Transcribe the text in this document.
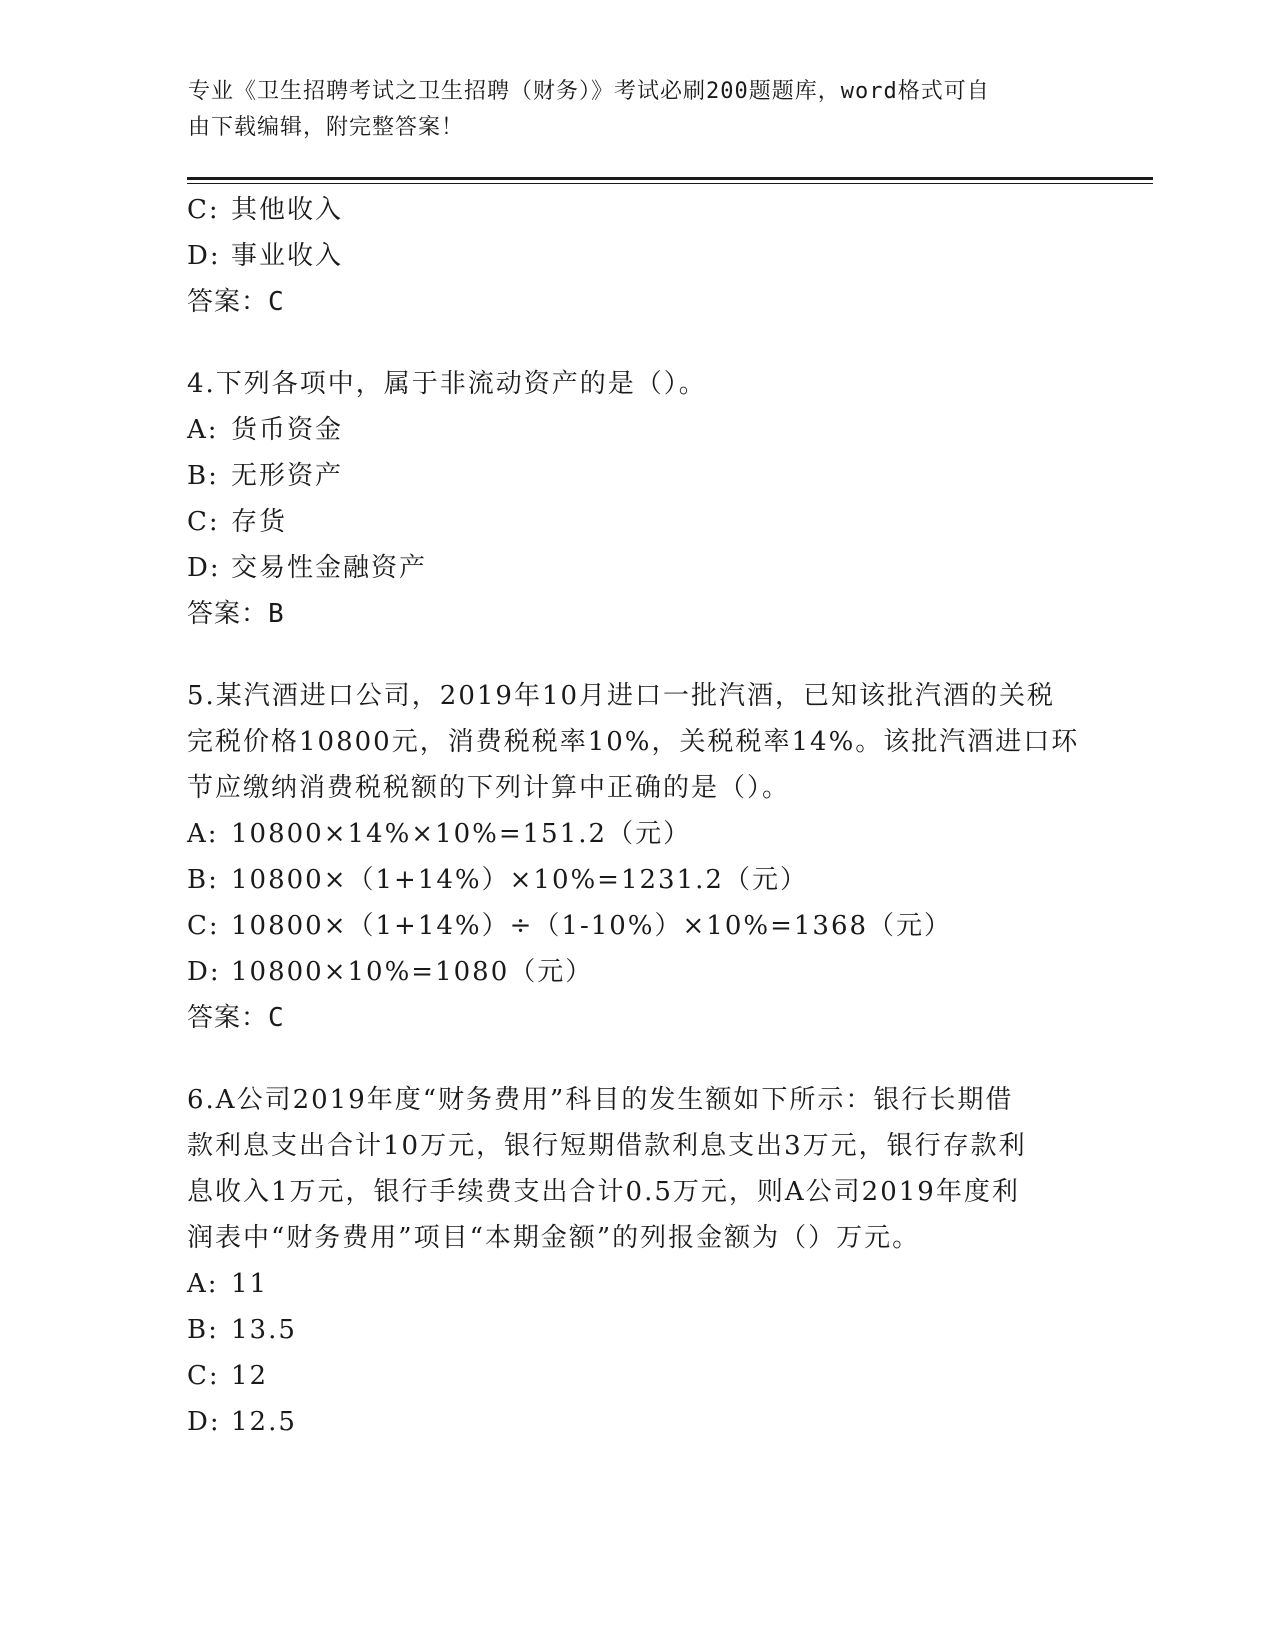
专业《卫生招聘考试之卫生招聘（财务）》考试必刷200题题库，word格式可自
由下载编辑，附完整答案！
C: 其他收入
D: 事业收入
答案：C
4.下列各项中，属于非流动资产的是（）。
A: 货币资金
B: 无形资产
C: 存货
D: 交易性金融资产
答案：B
5.某汽酒进口公司，2019年10月进口一批汽酒，已知该批汽酒的关税
完税价格10800元，消费税税率10%，关税税率14%。该批汽酒进口环
节应缴纳消费税税额的下列计算中正确的是（）。
A: 10800×14%×10%=151.2（元）
B: 10800×（1+14%）×10%=1231.2（元）
C: 10800×（1+14%）÷（1-10%）×10%=1368（元）
D: 10800×10%=1080（元）
答案：C
6.A公司2019年度“财务费用”科目的发生额如下所示：银行长期借
款利息支出合计10万元，银行短期借款利息支出3万元，银行存款利
息收入1万元，银行手续费支出合计0.5万元，则A公司2019年度利
润表中“财务费用”项目“本期金额”的列报金额为（）万元。
A: 11
B: 13.5
C: 12
D: 12.5
